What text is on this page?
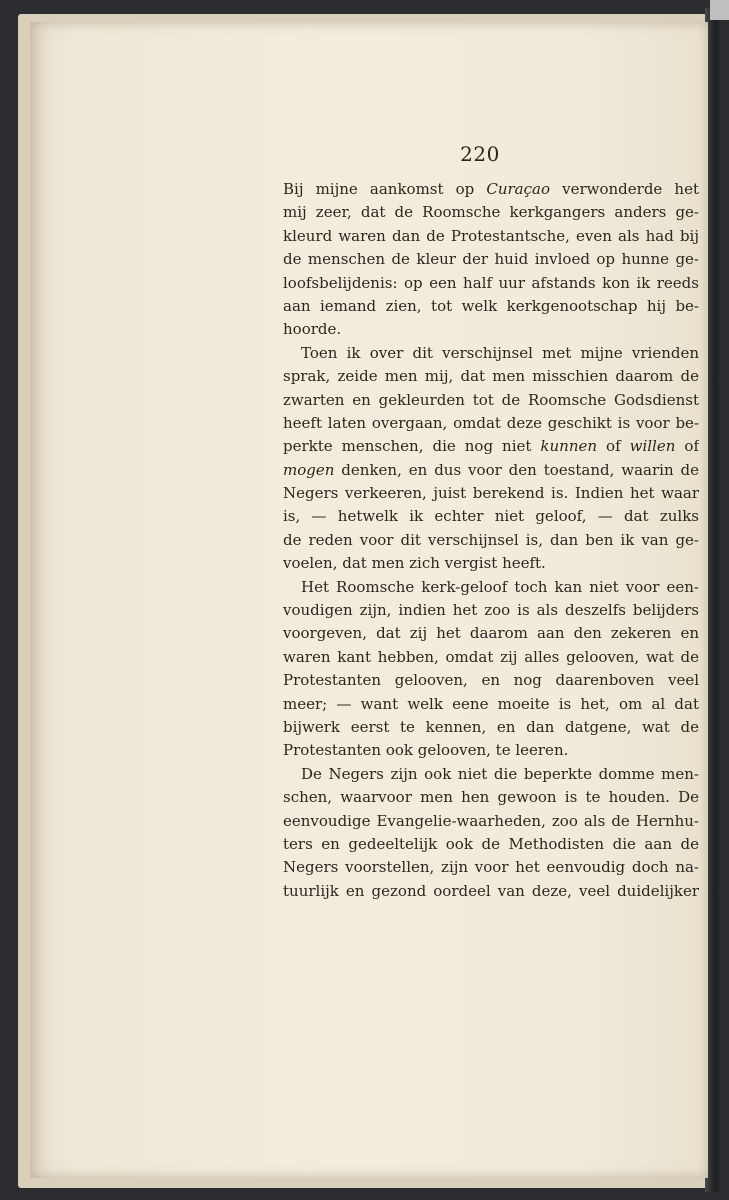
220
Bij mijne aankomst op Curaçao verwonderde het
mij zeer, dat de Roomsche kerkgangers anders ge-
kleurd waren dan de Protestantsche, even als had bij
de menschen de kleur der huid invloed op hunne ge-
loofsbelijdenis: op een half uur afstands kon ik reeds
aan iemand zien, tot welk kerkgenootschap hij be-
hoorde.
Toen ik over dit verschijnsel met mijne vrienden
sprak, zeide men mij, dat men misschien daarom de
zwarten en gekleurden tot de Roomsche Godsdienst
heeft laten overgaan, omdat deze geschikt is voor be-
perkte menschen, die nog niet kunnen of willen of
mogen denken, en dus voor den toestand, waarin de
Negers verkeeren, juist berekend is. Indien het waar
is, — hetwelk ik echter niet geloof, — dat zulks
de reden voor dit verschijnsel is, dan ben ik van ge-
voelen, dat men zich vergist heeft.
Het Roomsche kerk-geloof toch kan niet voor een-
voudigen zijn, indien het zoo is als deszelfs belijders
voorgeven, dat zij het daarom aan den zekeren en
waren kant hebben, omdat zij alles gelooven, wat de
Protestanten gelooven, en nog daarenboven veel
meer; — want welk eene moeite is het, om al dat
bijwerk eerst te kennen, en dan datgene, wat de
Protestanten ook gelooven, te leeren.
De Negers zijn ook niet die beperkte domme men-
schen, waarvoor men hen gewoon is te houden. De
eenvoudige Evangelie-waarheden, zoo als de Hernhu-
ters en gedeeltelijk ook de Methodisten die aan de
Negers voorstellen, zijn voor het eenvoudig doch na-
tuurlijk en gezond oordeel van deze, veel duidelijker
